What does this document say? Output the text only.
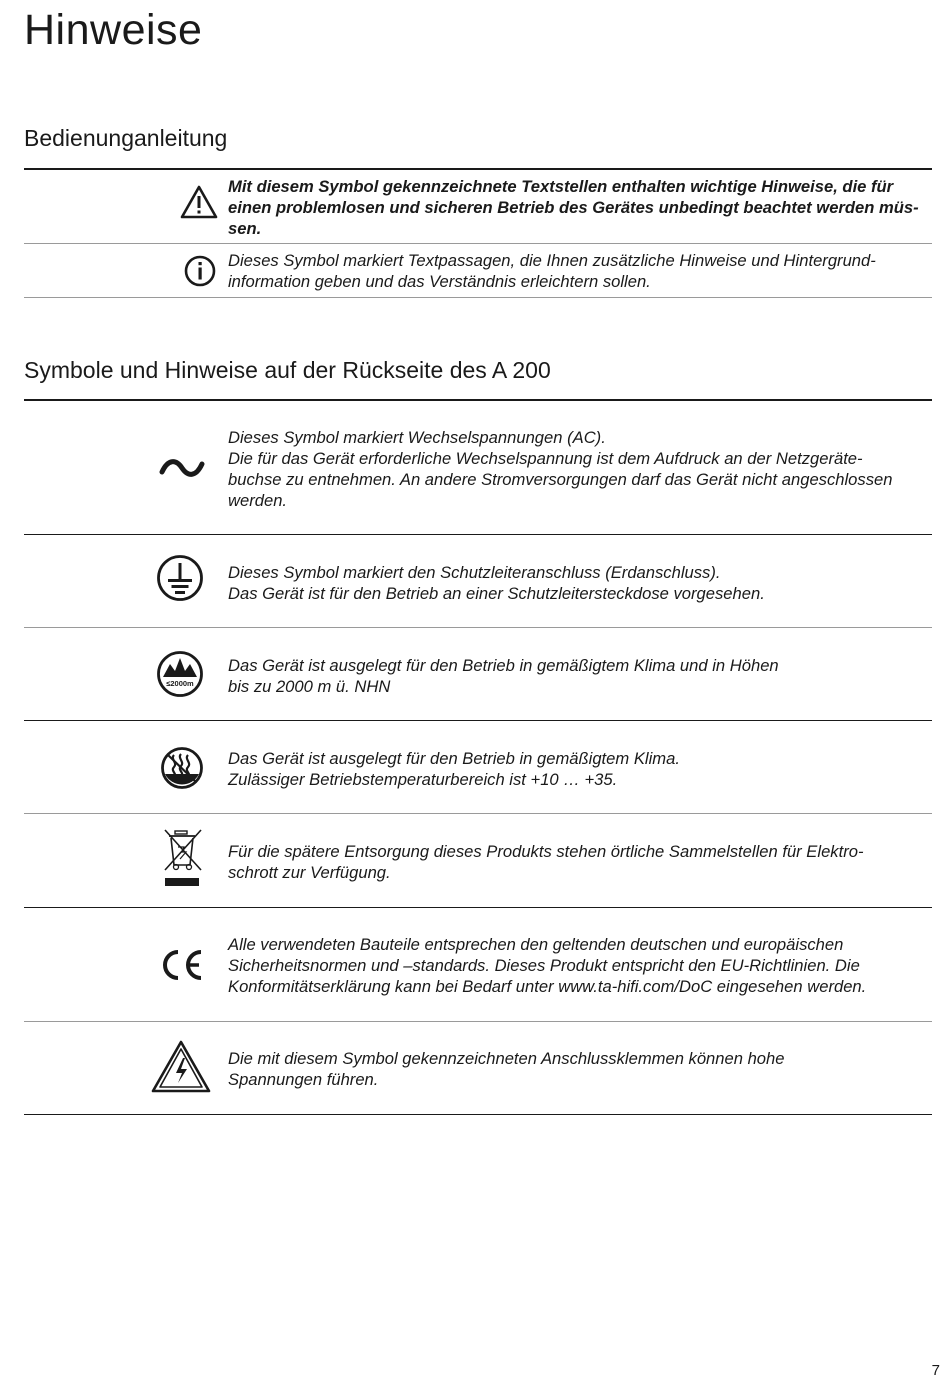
Hinweise
Bedienunganleitung

Mit diesem Symbol gekennzeichnete Textstellen enthalten wichtige Hinweise, die für
einen problemlosen und sicheren Betrieb des Gerätes unbedingt beachtet werden müs-
sen.

Dieses Symbol markiert Textpassagen, die Ihnen zusätzliche Hinweise und Hintergrund-
information geben und das Verständnis erleichtern sollen.

Symbole und Hinweise auf der Rückseite des A 200

Dieses Symbol markiert Wechselspannungen (AC).
Die für das Gerät erforderliche Wechselspannung ist dem Aufdruck an der Netzgeräte-
buchse zu entnehmen. An andere Stromversorgungen darf das Gerät nicht angeschlossen
werden.

Dieses Symbol markiert den Schutzleiteranschluss (Erdanschluss).
Das Gerät ist für den Betrieb an einer Schutzleitersteckdose vorgesehen.

≤2000m

Das Gerät ist ausgelegt für den Betrieb in gemäßigtem Klima und in Höhen
bis zu 2000 m ü. NHN

Das Gerät ist ausgelegt für den Betrieb in gemäßigtem Klima.
Zulässiger Betriebstemperaturbereich ist +10 … +35.

Für die spätere Entsorgung dieses Produkts stehen örtliche Sammelstellen für Elektro-
schrott zur Verfügung.

Alle verwendeten Bauteile entsprechen den geltenden deutschen und europäischen
Sicherheitsnormen und –standards. Dieses Produkt entspricht den EU-Richtlinien. Die
Konformitätserklärung kann bei Bedarf unter www.ta-hifi.com/DoC eingesehen werden.

Die mit diesem Symbol gekennzeichneten Anschlussklemmen können hohe
Spannungen führen.

7
